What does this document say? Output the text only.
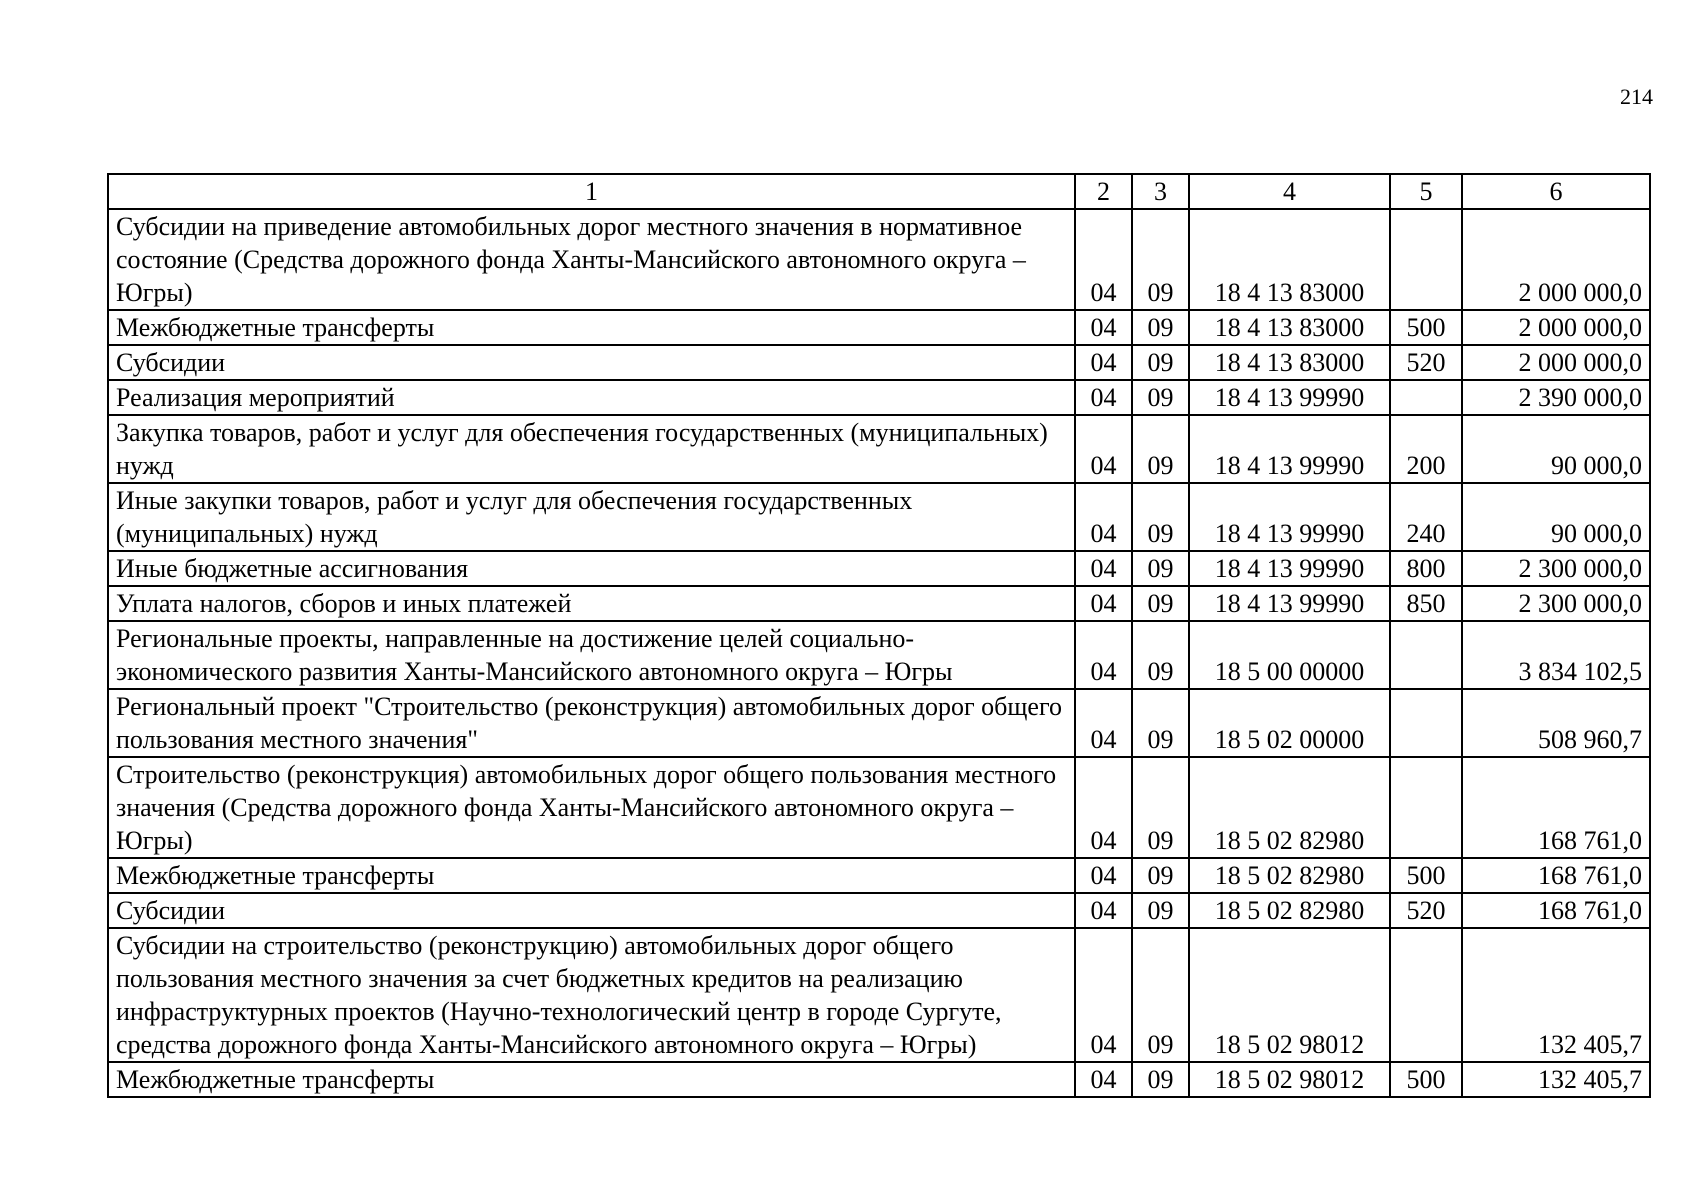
214
1	2	3	4	5	6
Субсидии на приведение автомобильных дорог местного значения в нормативное состояние (Средства дорожного фонда Ханты-Мансийского автономного округа – Югры)	04	09	18 4 13 83000		2 000 000,0
Межбюджетные трансферты	04	09	18 4 13 83000	500	2 000 000,0
Субсидии	04	09	18 4 13 83000	520	2 000 000,0
Реализация мероприятий	04	09	18 4 13 99990		2 390 000,0
Закупка товаров, работ и услуг для обеспечения государственных (муниципальных) нужд	04	09	18 4 13 99990	200	90 000,0
Иные закупки товаров, работ и услуг для обеспечения государственных (муниципальных) нужд	04	09	18 4 13 99990	240	90 000,0
Иные бюджетные ассигнования	04	09	18 4 13 99990	800	2 300 000,0
Уплата налогов, сборов и иных платежей	04	09	18 4 13 99990	850	2 300 000,0
Региональные проекты, направленные на достижение целей социально-экономического развития Ханты-Мансийского автономного округа – Югры	04	09	18 5 00 00000		3 834 102,5
Региональный проект "Строительство (реконструкция) автомобильных дорог общего пользования местного значения"	04	09	18 5 02 00000		508 960,7
Строительство (реконструкция) автомобильных дорог общего пользования местного значения (Средства дорожного фонда Ханты-Мансийского автономного округа – Югры)	04	09	18 5 02 82980		168 761,0
Межбюджетные трансферты	04	09	18 5 02 82980	500	168 761,0
Субсидии	04	09	18 5 02 82980	520	168 761,0
Субсидии на строительство (реконструкцию) автомобильных дорог общего пользования местного значения за счет бюджетных кредитов на реализацию инфраструктурных проектов (Научно-технологический центр в городе Сургуте, средства дорожного фонда Ханты-Мансийского автономного округа – Югры)	04	09	18 5 02 98012		132 405,7
Межбюджетные трансферты	04	09	18 5 02 98012	500	132 405,7
